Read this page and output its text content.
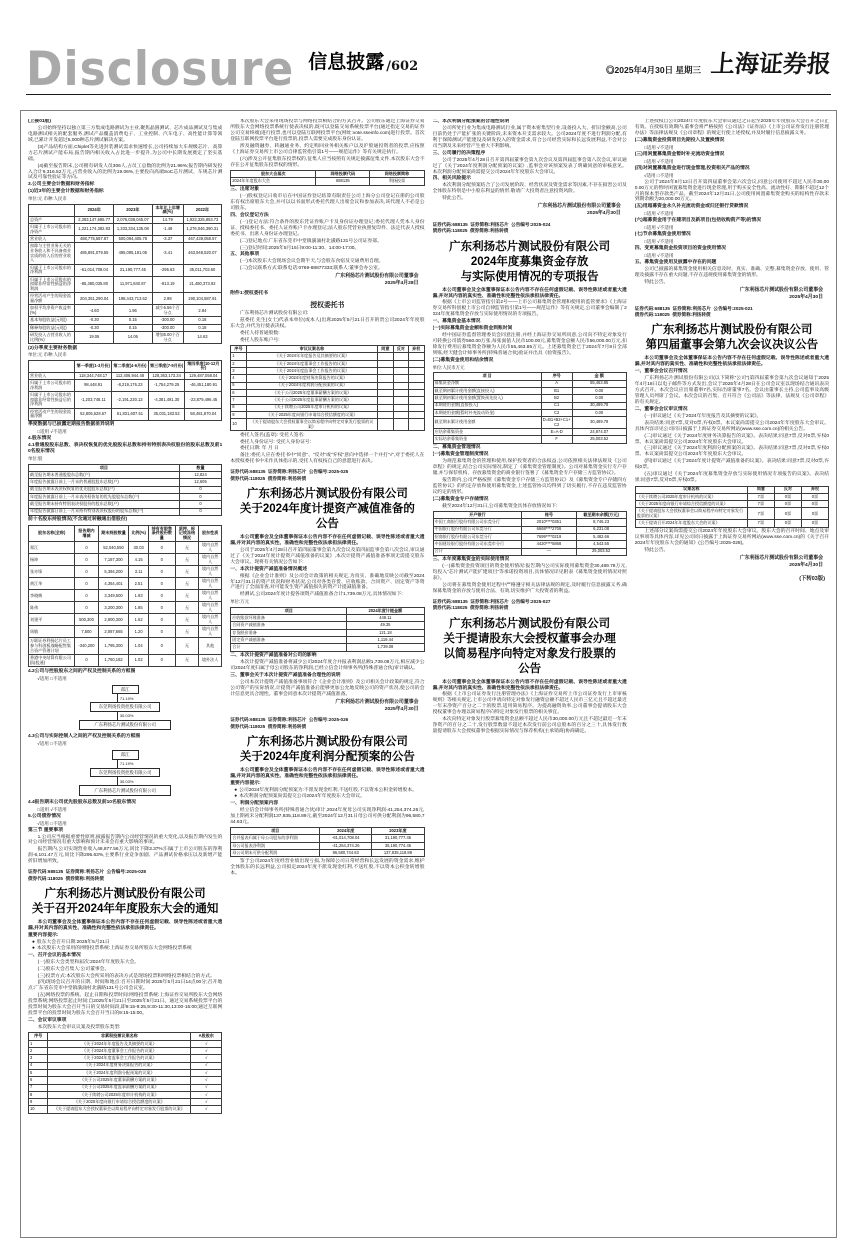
Disclosure 信息披露 /602	◎2025年4月30日 星期三 上海证券报

(上接01版)

公司始终坚持以独立第三方集成电路测试为主业,聚焦晶圆测试、芯片成品测试及与集成电路测试相关的配套服务,测试产品覆盖消费电子、工业控制、汽车电子、高性能计算等领域,已累计开发超过5,000种芯片测试解决方案。

(3)产品结构方面,Chiplet等先进封装测试需求快速增长,公司持续加大车规级芯片、高算力芯片测试产能布局,报告期内相关收入占比进一步提升,为公司中长期发展奠定了坚实基础。

(4)截至报告期末,公司拥有研发人员306人,占员工总数的比例为21.96%;报告期内研发投入合计9,316.52万元,占营业收入的比例为19.06%,主要投向高端SoC芯片测试、车规芯片测试及可靠性验证等方向。

3.公司主要会计数据和财务指标

(1)近3年的主要会计数据和财务指标

单位:元 币种:人民币

	2024年	2023年	本年比上年增减(%)	2022年
总资产	2,383,147,695.77	2,076,038,045.07	14.79	1,923,325,853.73
归属于上市公司股东的净资产	1,321,174,382.83	1,333,334,135.08	-1.48	1,276,046,390.31
营业收入	488,775,587.87	500,094,405.78	-3.37	467,439,058.57
扣除与主营业务无关的业务收入和不具备商业实质的收入后的营业收入	485,891,079.55	495,095,191.05	-3.41	463,948,520.07
归属于上市公司股东的净利润	-61,014,708.04	31,190,777.45	-295.63	35,011,703.60
归属于上市公司股东的扣除非经常性损益的净利润	-85,380,035.80	11,971,840.87	-813.19	21,480,373.92
经营活动产生的现金流量净额	204,351,290.04	198,443,713.62	2.98	190,104,587.91
加权平均净资产收益率(%)	-4.60	1.96	减少6.56个百分点	2.84
基本每股收益(元/股)	-0.30	0.15	-300.00	0.18
稀释每股收益(元/股)	-0.30	0.15	-300.00	0.18
研发投入占营业收入的比例(%)	19.06	14.06	增加5.00个百分点	14.63

(2)分季度主要财务数据

单位:元 币种:人民币

	第一季度(1-3月份)	第二季度(4-6月份)	第三季度(7-9月份)	第四季度(10-12月份)
营业收入	118,344,748.17	112,406,944.48	128,363,173.34	129,487,058.04
归属于上市公司股东的净利润	98,448.91	-8,219,176.23	-1,754,279.25	-46,451,180.91
归属于上市公司股东的扣除非经常性损益后的净利润	-1,203,748.11	-2,191,230.13	-4,381,491.30	-23,879,496.45
经营活动产生的现金流量净额	52,805,628.67	51,831,607.51	35,031,183.52	58,481,870.04

季度数据与已披露定期报告数据差异说明

□适用 √不适用

4.股东情况

4.1普通股股东总数、表决权恢复的优先股股东总数和持有特别表决权股份的股东总数及前10名股东情况

单位:股

项目	数量
截至报告期末普通股股东总数(户)	12,824
年度报告披露日前上一月末的普通股股东总数(户)	12,605
截至报告期末表决权恢复的优先股股东总数(户)	0
年度报告披露日前上一月末表决权恢复的优先股股东总数(户)	0
截至报告期末持有特别表决权股份的股东总数(户)	0
年度报告披露日前上一月末持有特别表决权股份的股东总数(户)	0

前十名股东持股情况(不含通过转融通出借股份)

股东名称(全称)	报告期内增减	期末持股数量	比例(%)	持有有限售条件股份数量	质押、标记或冻结情况	股东性质
郑江	0	52,040,550	30.03	0	无	境内自然人
杨坤	0	7,187,300	4.15	0	无	境内自然人
张亦锋	0	5,394,200	3.11	0	无	境内自然人
黄江华	0	4,354,401	2.51	0	无	境内自然人
李晓梅	0	3,349,500	1.93	0	无	境内自然人
陈伟	0	3,200,300	1.85	0	无	境内自然人
刘建平	500,300	2,800,300	1.62	0	无	境内自然人
周敏	7,500	2,087,665	1.20	0	无	境内自然人
万联证券利扬芯片员工参与科创板战略配售集合资产管理计划	-340,200	1,795,300	1.04	0	无	其他
香港中央结算有限公司(陆股通)	0	1,760,182	1.02	0	无	境外法人

4.2公司与控股股东之间的产权及控制关系的方框图

√适用 □不适用

郑江
71.19%
东莞利扬投资控股有限公司
30.03%
广东利扬芯片测试股份有限公司

4.3公司与实际控制人之间的产权及控制关系的方框图

√适用 □不适用

郑江
71.19%
东莞利扬投资控股有限公司
30.03%
广东利扬芯片测试股份有限公司

4.4报告期末公司优先股股东总数及前10名股东情况

□适用 √不适用

5.公司债券情况

√适用 □不适用

第三节 重要事项

1.公司应当根据重要性原则,披露报告期内公司经营情况的重大变化,以及报告期内发生的对公司经营情况有重大影响和预计未来会有重大影响的事项。

报告期内,公司实现营业收入48,877.56万元,同比下降3.37%;归属于上市公司股东的净利润-6,101.47万元,同比下降295.63%,主要系行业竞争加剧、产品测试价格承压以及新增产能折旧增加所致。

证券代码:688135  证券简称:利扬芯片  公告编号:2025-028
债券代码:118025  债券简称:利扬转债
广东利扬芯片测试股份有限公司
关于召开2024年年度股东大会的通知

本公司董事会及全体董事保证本公告内容不存在任何虚假记载、误导性陈述或者重大遗漏,并对其内容的真实性、准确性和完整性依法承担法律责任。

重要内容提示:

● 股东大会召开日期:2025年5月21日
● 本次股东大会采用的网络投票系统:上海证券交易所股东大会网络投票系统

一、召开会议的基本情况

(一)股东大会类型和届次:2024年年度股东大会。

(二)股东大会召集人:公司董事会。

(三)投票方式:本次股东大会所采用的表决方式是现场投票和网络投票相结合的方式。

(四)现场会议召开的日期、时间和地点:召开日期时间:2025年5月21日14点00分;召开地点:广东省东莞市中堂镇潢涌村北潢路131号公司会议室。

(五)网络投票的系统、起止日期和投票时间:网络投票系统:上海证券交易所股东大会网络投票系统;网络投票起止时间:自2025年5月21日至2025年5月21日。通过交易系统投票平台的投票时间为股东大会召开当日的交易时间段,即9:15-9:25,9:30-11:30,13:00-15:00;通过互联网投票平台的投票时间为股东大会召开当日的9:15-15:00。

二、会议审议事项

本次股东大会审议议案及投票股东类型:

序号	非累积投票议案名称	A股股东
1	《关于2024年年度报告及其摘要的议案》	√
2	《关于2024年度董事会工作报告的议案》	√
3	《关于2024年度监事会工作报告的议案》	√
4	《关于2024年度财务决算报告的议案》	√
5	《关于2024年度利润分配预案的议案》	√
6	《关于公司2025年度董事薪酬方案的议案》	√
7	《关于公司2025年度监事薪酬方案的议案》	√
8	《关于续聘公司2025年度审计机构的议案》	√
9	《关于2025年度向银行申请综合授信额度的议案》	√
10	《关于提请股东大会授权董事会以简易程序向特定对象发行股票的议案》	√

本次股东大会采用现场投票与网络投票相结合的方式召开。公司股东通过上海证券交易所股东大会网络投票系统行使表决权的,既可以登陆交易系统投票平台(通过指定交易的证券公司交易终端)进行投票,也可以登陆互联网投票平台(网址:vote.sseinfo.com)进行投票。首次登陆互联网投票平台进行投票的,投票人需要完成股东身份认证。

涉及融资融券、转融通业务、约定购回业务相关账户以及沪股通投资者的投票,应按照《上海证券交易所上市公司自律监管指引第1号——规范运作》等有关规定执行。

(六)涉及公开征集股东投票权的,征集人应当按照有关规定披露征集文件,本次股东大会不存在公开征集股东投票权的情形。

股东大会届次	网络投票代码	网络投票简称
2024年年度股东大会	688135	利扬投票

三、出席对象

(一)股权登记日收市后在中国证券登记结算有限责任公司上海分公司登记在册的公司股东有权出席股东大会,并可以以书面形式委托代理人出席会议和参加表决,该代理人不必是公司股东。

四、会议登记方法

(一)登记方法:符合条件的股东凭证券账户卡及身份证办理登记;委托代理人凭本人身份证、授权委托书、委托人证券账户卡办理登记;法人股东凭营业执照复印件、法定代表人授权委托书、出席人身份证办理登记。

(二)登记地点:广东省东莞市中堂镇潢涌村北潢路131号公司证券部。

(三)登记时间:2025年5月15日9:00-11:30、14:00-17:00。

五、其他事项

(一)本次股东大会现场会议会期半天,与会股东食宿及交通费用自理。

(二)会议联系方式:联系电话:0769-88877333;联系人:董事会办公室。

广东利扬芯片测试股份有限公司董事会
2025年4月28日

附件1:授权委托书

授权委托书

广东利扬芯片测试股份有限公司:

兹委托 先生(女士)代表本单位(或本人)出席2025年5月21日召开的贵公司2024年年度股东大会,并代为行使表决权。

委托人持普通股数:

委托人股东帐户号:

序号	审议议案名称	同意	反对	弃权
1	《关于2024年年度报告及其摘要的议案》			
2	《关于2024年度董事会工作报告的议案》			
3	《关于2024年度监事会工作报告的议案》			
4	《关于2024年度财务决算报告的议案》			
5	《关于2024年度利润分配预案的议案》			
6	《关于公司2025年度董事薪酬方案的议案》			
7	《关于公司2025年度监事薪酬方案的议案》			
8	《关于续聘公司2025年度审计机构的议案》			
9	《关于2025年度向银行申请综合授信额度的议案》			
10	《关于提请股东大会授权董事会以简易程序向特定对象发行股票的议案》			

委托人签名(盖章): 受托人签名:

委托人身份证号: 受托人身份证号:

委托日期: 年 月 日

备注:委托人应在委托书中“同意”、“反对”或“弃权”意向中选择一个并打“√”,对于委托人在本授权委托书中未作具体指示的,受托人有权按自己的意愿进行表决。

证券代码:688135  证券简称:利扬芯片  公告编号:2025-025
债券代码:118025  债券简称:利扬转债
广东利扬芯片测试股份有限公司
关于2024年度计提资产减值准备的
公告

本公司董事会及全体董事保证本公告内容不存在任何虚假记载、误导性陈述或者重大遗漏,并对其内容的真实性、准确性和完整性依法承担法律责任。

公司于2025年4月28日召开第四届董事会第九次会议及第四届监事会第八次会议,审议通过了《关于2024年度计提资产减值准备的议案》,本次计提资产减值准备事项无需提交股东大会审议。现将有关情况公告如下:

一、本次计提资产减值准备情况概述

根据《企业会计准则》及公司会计政策的相关规定,为真实、准确地反映公司截至2024年12月31日的资产状况和财务状况,公司对各类存货、应收账款、合同资产、固定资产等资产进行了全面清查,对可能发生资产减值损失的资产计提减值准备。

经测试,公司2024年度计提各项资产减值准备合计1,739.08万元,具体情况如下:

单位:万元

项目	2024年度计提金额
应收账款坏账准备	449.11
合同资产减值准备	49.35
存货跌价准备	121.18
固定资产减值准备	1,119.44
合计	1,739.08

二、本次计提资产减值准备对公司的影响

本次计提资产减值准备将减少公司2024年度合并报表利润总额1,739.08万元,相应减少公司2024年度归属于母公司股东的净利润,已经立信会计师事务所(特殊普通合伙)审计确认。

三、董事会关于本次计提资产减值准备合理性的说明

公司本次计提资产减值准备事项符合《企业会计准则》及公司相关会计政策的规定,符合公司资产的实际情况,计提资产减值准备后能够更加公允地反映公司的资产状况,使公司的会计信息更具合理性。董事会同意本次计提资产减值准备。

广东利扬芯片测试股份有限公司董事会
2025年4月30日
证券代码:688135  证券简称:利扬芯片  公告编号:2025-026
债券代码:118025  债券简称:利扬转债
广东利扬芯片测试股份有限公司
关于2024年度利润分配预案的公告

本公司董事会及全体董事保证本公告内容不存在任何虚假记载、误导性陈述或者重大遗漏,并对其内容的真实性、准确性和完整性依法承担法律责任。

重要内容提示:

● 公司2024年度利润分配预案为:不派发现金红利,不送红股,不以资本公积金转增股本。
● 本次利润分配预案尚需提交公司2024年年度股东大会审议。

一、利润分配预案内容

经立信会计师事务所(特殊普通合伙)审计,2024年度母公司实现净利润-41,254,374.26元,加上期初未分配利润137,835,118.89元,截至2024年12月31日母公司可供分配利润为96,580,744.63元。

项目	2024年度	2023年度
合并报表归属于母公司股东的净利润	-61,014,708.04	31,190,777.45
母公司报表净利润	-41,254,374.26	35,190,774.45
母公司期末可供分配利润	96,580,744.63	137,835,118.89

鉴于公司2024年度经营业绩出现亏损,为保障公司日常经营和长远发展的资金需求,维护全体股东的长远利益,公司拟定2024年度不派发现金红利,不送红股,不以资本公积金转增股本。

二、本次利润分配预案的合理性说明

公司所处行业为集成电路测试行业,属于资本密集型行业,设备投入大、折旧金额高,公司目前仍处于产能扩张的关键阶段,未来资本开支需求较大。公司2024年度不进行利润分配,有利于保障测试产能建设及研发投入的资金需求,符合公司经营实际和长远发展利益,不会对公司当期及未来经营产生重大不利影响。

三、公司履行的决策程序

公司于2025年4月28日召开第四届董事会第九次会议及第四届监事会第八次会议,审议通过了《关于2024年度利润分配预案的议案》,监事会对该预案发表了明确同意的审核意见。本次利润分配预案尚需提交公司2024年年度股东大会审议。

四、相关风险提示

本次利润分配预案结合了公司发展阶段、经营状况及资金需求等因素,不存在损害公司及全体股东特别是中小股东利益的情形,敬请广大投资者注意投资风险。

特此公告。

广东利扬芯片测试股份有限公司董事会
2025年4月30日
证券代码:688135  证券简称:利扬芯片  公告编号:2025-024
债券代码:118025  债券简称:利扬转债
广东利扬芯片测试股份有限公司
2024年度募集资金存放
与实际使用情况的专项报告

本公司董事会及全体董事保证本公告内容不存在任何虚假记载、误导性陈述或者重大遗漏,并对其内容的真实性、准确性和完整性依法承担法律责任。

根据《上市公司监管指引第2号——上市公司募集资金管理和使用的监管要求》《上海证券交易所科创板上市公司自律监管指引第1号——规范运作》等有关规定,公司董事会编制了2024年度募集资金存放与实际使用情况的专项报告。

一、募集资金基本情况

(一)实际募集资金金额和资金到账时间

经中国证券监督管理委员会同意注册,并经上海证券交易所同意,公司向不特定对象发行可转换公司债券560.00万张,每张面值人民币100.00元,募集资金总额人民币56,000.00万元,扣除发行费用后募集资金净额为人民币55,463.85万元。上述募集资金已于2024年7月8日全部到账,经天健会计师事务所(特殊普通合伙)验证并出具《验资报告》。

(二)募集资金使用和结余情况

单位:人民币万元

项 目	序号	金 额
募集资金净额	A	55,463.85
截至期初累计使用金额(直接投入)	B1	0.00
截至期初累计使用金额(置换预先投入)	B2	0.00
本期使用金额(直接投入)	C1	30,489.78
本期使用金额(暂时补充流动资金)	C2	0.00
截至期末累计使用金额	D=B1+B2+C1+C2	30,489.78
应结余募集资金	E=A-D	24,974.07
实际结余募集资金	F	25,003.52

二、募集资金管理情况

(一)募集资金管理制度情况

为规范募集资金的管理和使用,保护投资者的合法权益,公司依照相关法律法规及《公司章程》的规定,结合公司实际情况,制定了《募集资金管理制度》。公司对募集资金实行专户存储,并与保荐机构、存放募集资金的商业银行签署了《募集资金专户存储三方监管协议》。

报告期内,公司严格按照《募集资金专户存储三方监管协议》及《募集资金专户存储四方监管协议》的约定存放和使用募集资金,上述监管协议均得到了切实履行,不存在违反监管协议约定的情形。

(二)募集资金专户存储情况

截至2024年12月31日,公司募集资金具体存放情况如下:

开户银行	账号	截至期末余额(万元)
中国工商银行股份有限公司东莞分行	2010****0351	8,746.23
中国银行股份有限公司东莞分行	6668****2706	6,231.08
招商银行股份有限公司东莞分行	7699****0219	5,482.66
中国建设银行股份有限公司东莞市分行	4420****5868	4,543.55
合计	—	25,003.52

三、本年度募集资金的实际使用情况

(一)募集资金投资项目的资金使用情况:报告期内公司实际使用募集资金30,489.78万元,均投入“芯片测试产能扩建项目”等承诺投资项目,具体情况详见附表《募集资金使用情况对照表》。

公司将在募集资金使用过程中严格遵守相关法律法规的规定,及时履行信息披露义务,确保募集资金的存放与使用合法、有效,切实维护广大投资者的利益。

证券代码:688135  证券简称:利扬芯片  公告编号:2025-027
债券代码:118025  债券简称:利扬转债
广东利扬芯片测试股份有限公司
关于提请股东大会授权董事会办理
以简易程序向特定对象发行股票的
公告

本公司董事会及全体董事保证本公告内容不存在任何虚假记载、误导性陈述或者重大遗漏,并对其内容的真实性、准确性和完整性依法承担法律责任。

根据《上市公司证券发行注册管理办法》《上海证券交易所上市公司证券发行上市审核规则》等相关规定,上市公司申请向特定对象发行融资总额不超过人民币三亿元且不超过最近一年末净资产百分之二十的股票,适用简易程序。为提高融资效率,公司董事会提请股东大会授权董事会办理以简易程序向特定对象发行股票的相关事宜。

本次向特定对象发行股票募集资金总额不超过人民币30,000.00万元且不超过最近一年末净资产的百分之二十,发行股票数量不超过本次发行前公司总股本的百分之三十,具体发行数量提请股东大会授权董事会根据实际情况与保荐机构(主承销商)协商确定。

上述授权自公司2024年年度股东大会审议通过之日起至2025年年度股东大会召开之日止有效。在授权有效期内,董事会将严格按照《公司法》《证券法》《上市公司证券发行注册管理办法》等法律法规及《公司章程》的规定行使上述授权,并及时履行信息披露义务。

(二)募集资金投资项目先期投入及置换情况

□适用 √不适用

(三)用闲置募集资金暂时补充流动资金情况

□适用 √不适用

(四)对闲置募集资金进行现金管理,投资相关产品的情况

√适用 □不适用

公司于2024年8月12日召开第四届董事会第六次会议,同意公司使用不超过人民币30,000.00万元的暂时闲置募集资金进行现金管理,用于购买安全性高、流动性好、期限不超过12个月的保本型存款类产品。截至2024年12月31日,公司使用闲置募集资金购买的结构性存款未到期余额为20,000.00万元。

(五)用超募资金永久补充流动资金或归还银行贷款情况

□适用 √不适用

(六)超募资金用于在建项目及新项目(包括收购资产等)的情况

□适用 √不适用

(七)节余募集资金使用情况

□适用 √不适用

四、变更募集资金投资项目的资金使用情况

□适用 √不适用

五、募集资金使用及披露中存在的问题

公司已披露的募集资金使用相关信息及时、真实、准确、完整,募集资金存放、使用、管理及披露不存在重大问题,不存在违规使用募集资金的情形。

特此公告。

广东利扬芯片测试股份有限公司董事会
2025年4月30日
证券代码:688135  证券简称:利扬芯片  公告编号:2025-021
债券代码:118025  债券简称:利扬转债
广东利扬芯片测试股份有限公司
第四届董事会第九次会议决议公告

本公司董事会及全体董事保证本公告内容不存在任何虚假记载、误导性陈述或者重大遗漏,并对其内容的真实性、准确性和完整性依法承担法律责任。

一、董事会会议召开情况

广东利扬芯片测试股份有限公司(以下简称“公司”)第四届董事会第九次会议通知于2025年4月18日以电子邮件等方式发出,会议于2025年4月28日在公司会议室以现场结合通讯表决方式召开。本次会议应出席董事7名,实际出席董事7名。会议由董事长主持,公司监事及高级管理人员列席了会议。本次会议的召集、召开符合《公司法》等法律、法规及《公司章程》的有关规定。

二、董事会会议审议情况

(一)审议通过《关于2024年年度报告及其摘要的议案》。

表决结果:同意7票,反对0票,弃权0票。本议案尚需提交公司2024年年度股东大会审议。具体内容详见公司同日披露于上海证券交易所网站(www.sse.com.cn)的相关公告。

(二)审议通过《关于2024年度财务决算报告的议案》。表决结果:同意7票,反对0票,弃权0票。本议案尚需提交公司2024年年度股东大会审议。

(三)审议通过《关于2024年度利润分配预案的议案》。表决结果:同意7票,反对0票,弃权0票。本议案尚需提交公司2024年年度股东大会审议。

(四)审议通过《关于2024年度计提资产减值准备的议案》。表决结果:同意7票,反对0票,弃权0票。

(五)审议通过《关于2024年度募集资金存放与实际使用情况专项报告的议案》。表决结果:同意7票,反对0票,弃权0票。

议案名称	同意	反对	弃权
《关于续聘公司2025年度审计机构的议案》	7票	0票	0票
《关于2025年度向银行申请综合授信额度的议案》	7票	0票	0票
《关于提请股东大会授权董事会以简易程序向特定对象发行股票的议案》	7票	0票	0票
《关于提请召开2024年年度股东大会的议案》	7票	0票	0票

上述部分议案尚需提交公司2024年年度股东大会审议。股东大会的召开时间、地点及审议事项等具体内容,详见公司同日披露于上海证券交易所网站(www.sse.com.cn)的《关于召开2024年年度股东大会的通知》(公告编号:2025-028)。

特此公告。

广东利扬芯片测试股份有限公司董事会
2025年4月30日

(下转03版)
